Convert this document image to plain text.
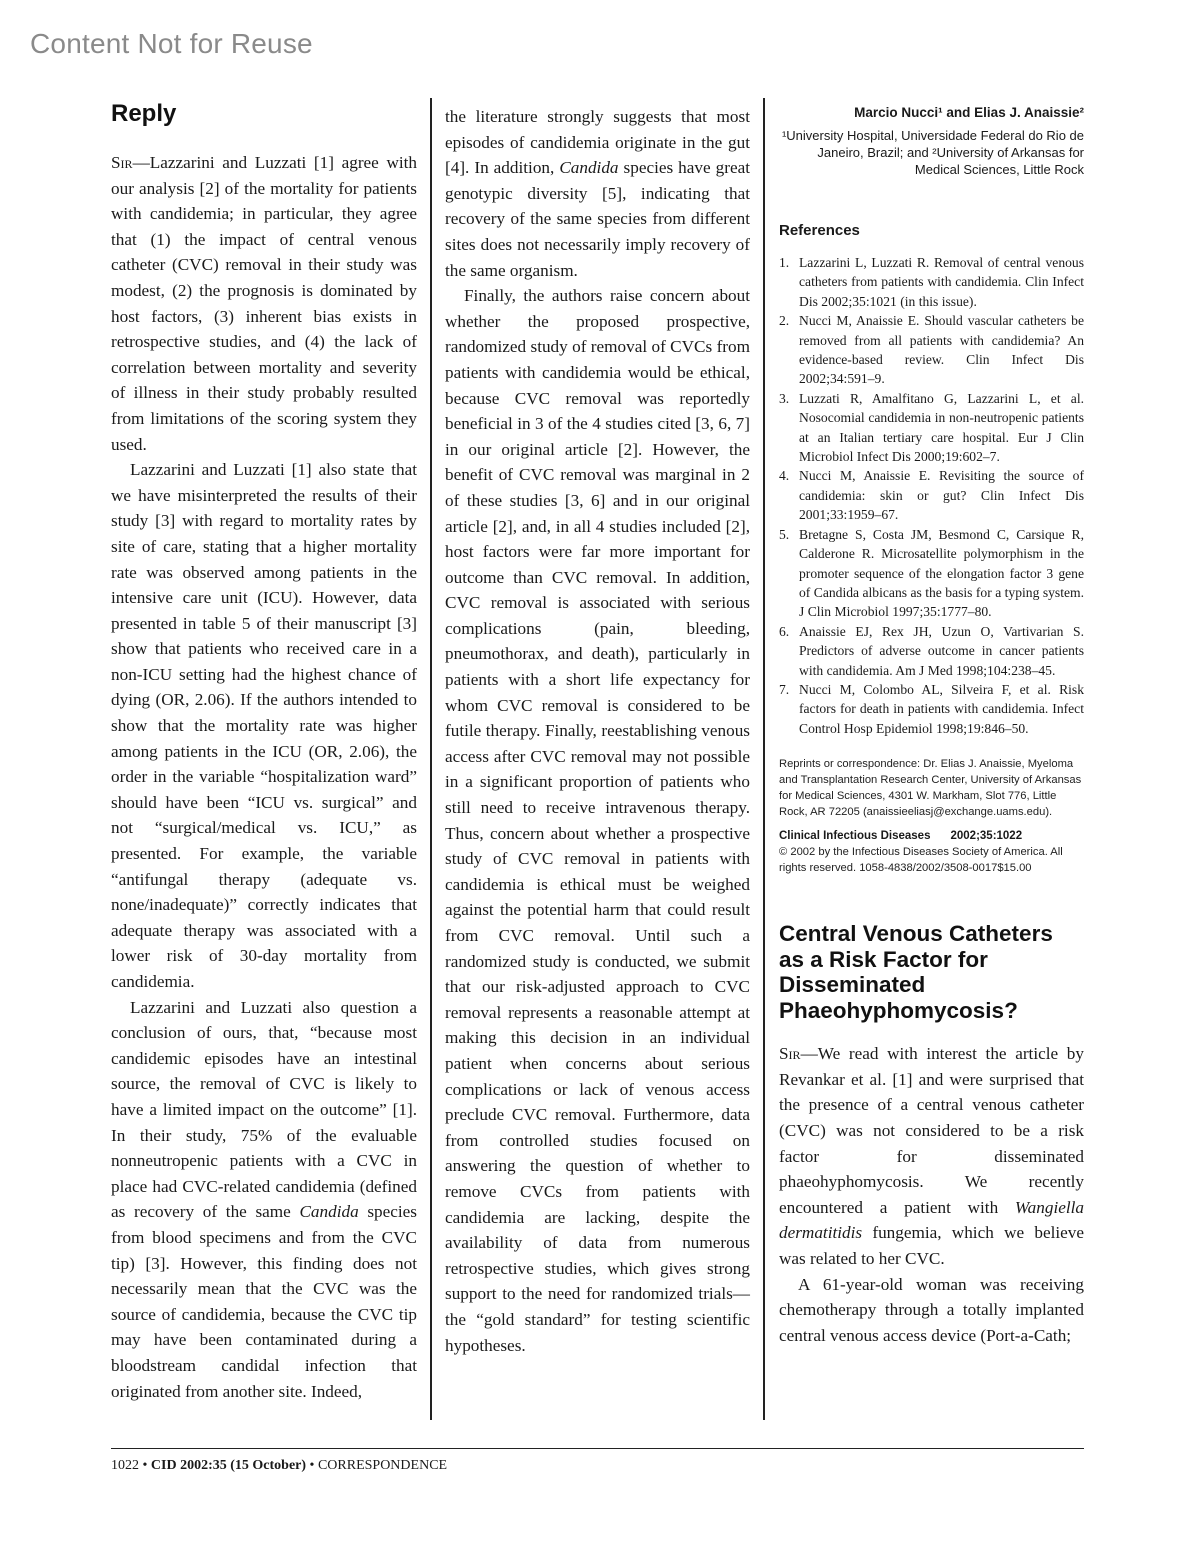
Content Not for Reuse
Reply

Sir—Lazzarini and Luzzati [1] agree with our analysis [2] of the mortality for patients with candidemia; in particular, they agree that (1) the impact of central venous catheter (CVC) removal in their study was modest, (2) the prognosis is dominated by host factors, (3) inherent bias exists in retrospective studies, and (4) the lack of correlation between mortality and severity of illness in their study probably resulted from limitations of the scoring system they used.

Lazzarini and Luzzati [1] also state that we have misinterpreted the results of their study [3] with regard to mortality rates by site of care, stating that a higher mortality rate was observed among patients in the intensive care unit (ICU). However, data presented in table 5 of their manuscript [3] show that patients who received care in a non-ICU setting had the highest chance of dying (OR, 2.06). If the authors intended to show that the mortality rate was higher among patients in the ICU (OR, 2.06), the order in the variable “hospitalization ward” should have been “ICU vs. surgical” and not “surgical/medical vs. ICU,” as presented. For example, the variable “antifungal therapy (adequate vs. none/inadequate)” correctly indicates that adequate therapy was associated with a lower risk of 30-day mortality from candidemia.

Lazzarini and Luzzati also question a conclusion of ours, that, “because most candidemic episodes have an intestinal source, the removal of CVC is likely to have a limited impact on the outcome” [1]. In their study, 75% of the evaluable nonneutropenic patients with a CVC in place had CVC-related candidemia (defined as recovery of the same Candida species from blood specimens and from the CVC tip) [3]. However, this finding does not necessarily mean that the CVC was the source of candidemia, because the CVC tip may have been contaminated during a bloodstream candidal infection that originated from another site. Indeed,

the literature strongly suggests that most episodes of candidemia originate in the gut [4]. In addition, Candida species have great genotypic diversity [5], indicating that recovery of the same species from different sites does not necessarily imply recovery of the same organism.

Finally, the authors raise concern about whether the proposed prospective, randomized study of removal of CVCs from patients with candidemia would be ethical, because CVC removal was reportedly beneficial in 3 of the 4 studies cited [3, 6, 7] in our original article [2]. However, the benefit of CVC removal was marginal in 2 of these studies [3, 6] and in our original article [2], and, in all 4 studies included [2], host factors were far more important for outcome than CVC removal. In addition, CVC removal is associated with serious complications (pain, bleeding, pneumothorax, and death), particularly in patients with a short life expectancy for whom CVC removal is considered to be futile therapy. Finally, reestablishing venous access after CVC removal may not possible in a significant proportion of patients who still need to receive intravenous therapy. Thus, concern about whether a prospective study of CVC removal in patients with candidemia is ethical must be weighed against the potential harm that could result from CVC removal. Until such a randomized study is conducted, we submit that our risk-adjusted approach to CVC removal represents a reasonable attempt at making this decision in an individual patient when concerns about serious complications or lack of venous access preclude CVC removal. Furthermore, data from controlled studies focused on answering the question of whether to remove CVCs from patients with candidemia are lacking, despite the availability of data from numerous retrospective studies, which gives strong support to the need for randomized trials—the “gold standard” for testing scientific hypotheses.

Marcio Nucci¹ and Elias J. Anaissie²
¹University Hospital, Universidade Federal do Rio de Janeiro, Brazil; and ²University of Arkansas for Medical Sciences, Little Rock
References
1. Lazzarini L, Luzzati R. Removal of central venous catheters from patients with candidemia. Clin Infect Dis 2002;35:1021 (in this issue).
2. Nucci M, Anaissie E. Should vascular catheters be removed from all patients with candidemia? An evidence-based review. Clin Infect Dis 2002;34:591–9.
3. Luzzati R, Amalfitano G, Lazzarini L, et al. Nosocomial candidemia in non-neutropenic patients at an Italian tertiary care hospital. Eur J Clin Microbiol Infect Dis 2000;19:602–7.
4. Nucci M, Anaissie E. Revisiting the source of candidemia: skin or gut? Clin Infect Dis 2001;33:1959–67.
5. Bretagne S, Costa JM, Besmond C, Carsique R, Calderone R. Microsatellite polymorphism in the promoter sequence of the elongation factor 3 gene of Candida albicans as the basis for a typing system. J Clin Microbiol 1997;35:1777–80.
6. Anaissie EJ, Rex JH, Uzun O, Vartivarian S. Predictors of adverse outcome in cancer patients with candidemia. Am J Med 1998;104:238–45.
7. Nucci M, Colombo AL, Silveira F, et al. Risk factors for death in patients with candidemia. Infect Control Hosp Epidemiol 1998;19:846–50.
Reprints or correspondence: Dr. Elias J. Anaissie, Myeloma and Transplantation Research Center, University of Arkansas for Medical Sciences, 4301 W. Markham, Slot 776, Little Rock, AR 72205 (anaissieeliasj@exchange.uams.edu).
Clinical Infectious Diseases 2002;35:1022
© 2002 by the Infectious Diseases Society of America. All rights reserved. 1058-4838/2002/3508-0017$15.00
Central Venous Catheters as a Risk Factor for Disseminated Phaeohyphomycosis?

Sir—We read with interest the article by Revankar et al. [1] and were surprised that the presence of a central venous catheter (CVC) was not considered to be a risk factor for disseminated phaeohyphomycosis. We recently encountered a patient with Wangiella dermatitidis fungemia, which we believe was related to her CVC.

A 61-year-old woman was receiving chemotherapy through a totally implanted central venous access device (Port-a-Cath;

1022 • CID 2002:35 (15 October) • CORRESPONDENCE
